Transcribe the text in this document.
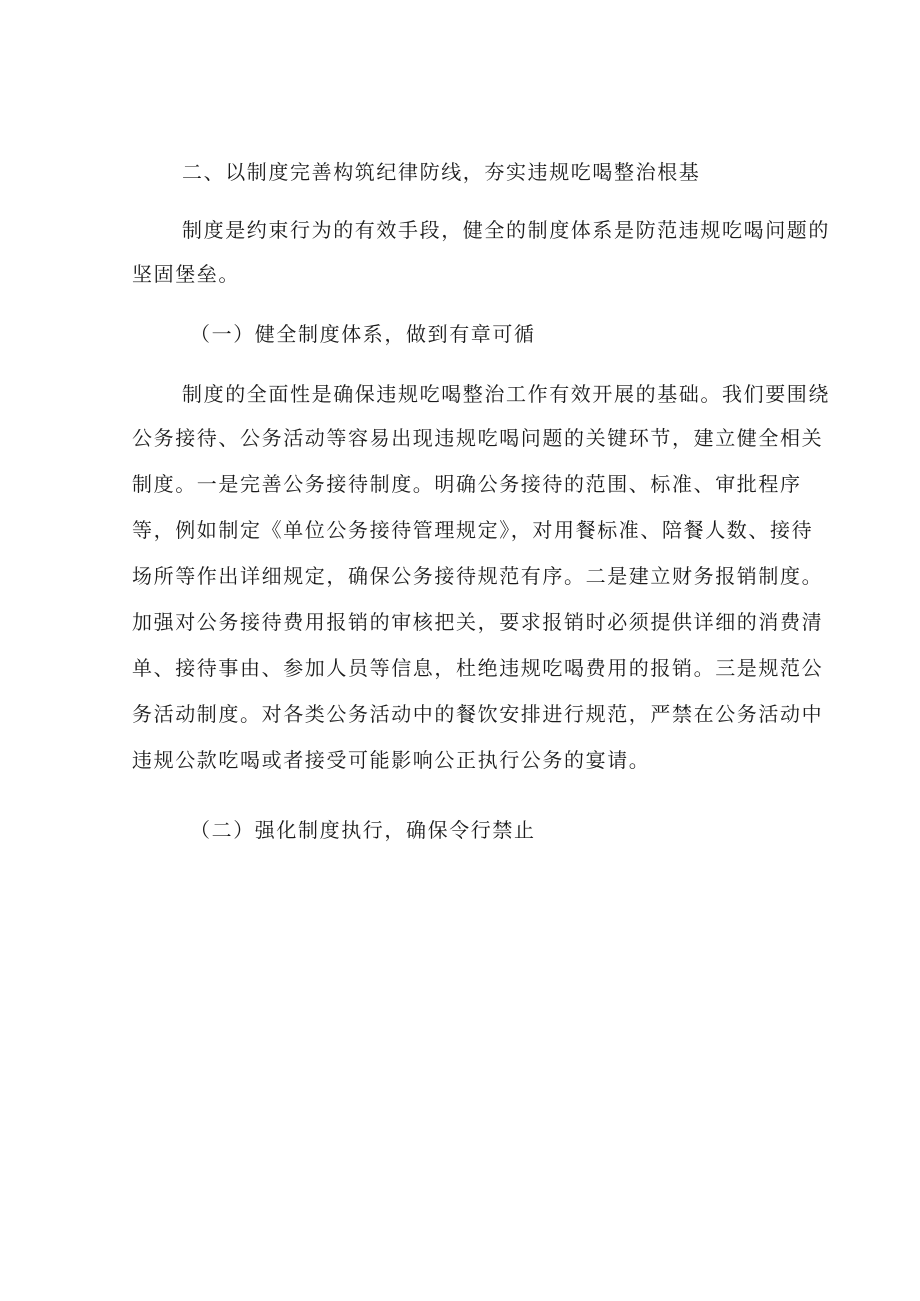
二、以制度完善构筑纪律防线，夯实违规吃喝整治根基
制度是约束行为的有效手段，健全的制度体系是防范违规吃喝问题的
坚固堡垒。
（一）健全制度体系，做到有章可循
制度的全面性是确保违规吃喝整治工作有效开展的基础。我们要围绕
公务接待、公务活动等容易出现违规吃喝问题的关键环节，建立健全相关
制度。一是完善公务接待制度。明确公务接待的范围、标准、审批程序
等，例如制定《单位公务接待管理规定》，对用餐标准、陪餐人数、接待
场所等作出详细规定，确保公务接待规范有序。二是建立财务报销制度。
加强对公务接待费用报销的审核把关，要求报销时必须提供详细的消费清
单、接待事由、参加人员等信息，杜绝违规吃喝费用的报销。三是规范公
务活动制度。对各类公务活动中的餐饮安排进行规范，严禁在公务活动中
违规公款吃喝或者接受可能影响公正执行公务的宴请。
（二）强化制度执行，确保令行禁止
